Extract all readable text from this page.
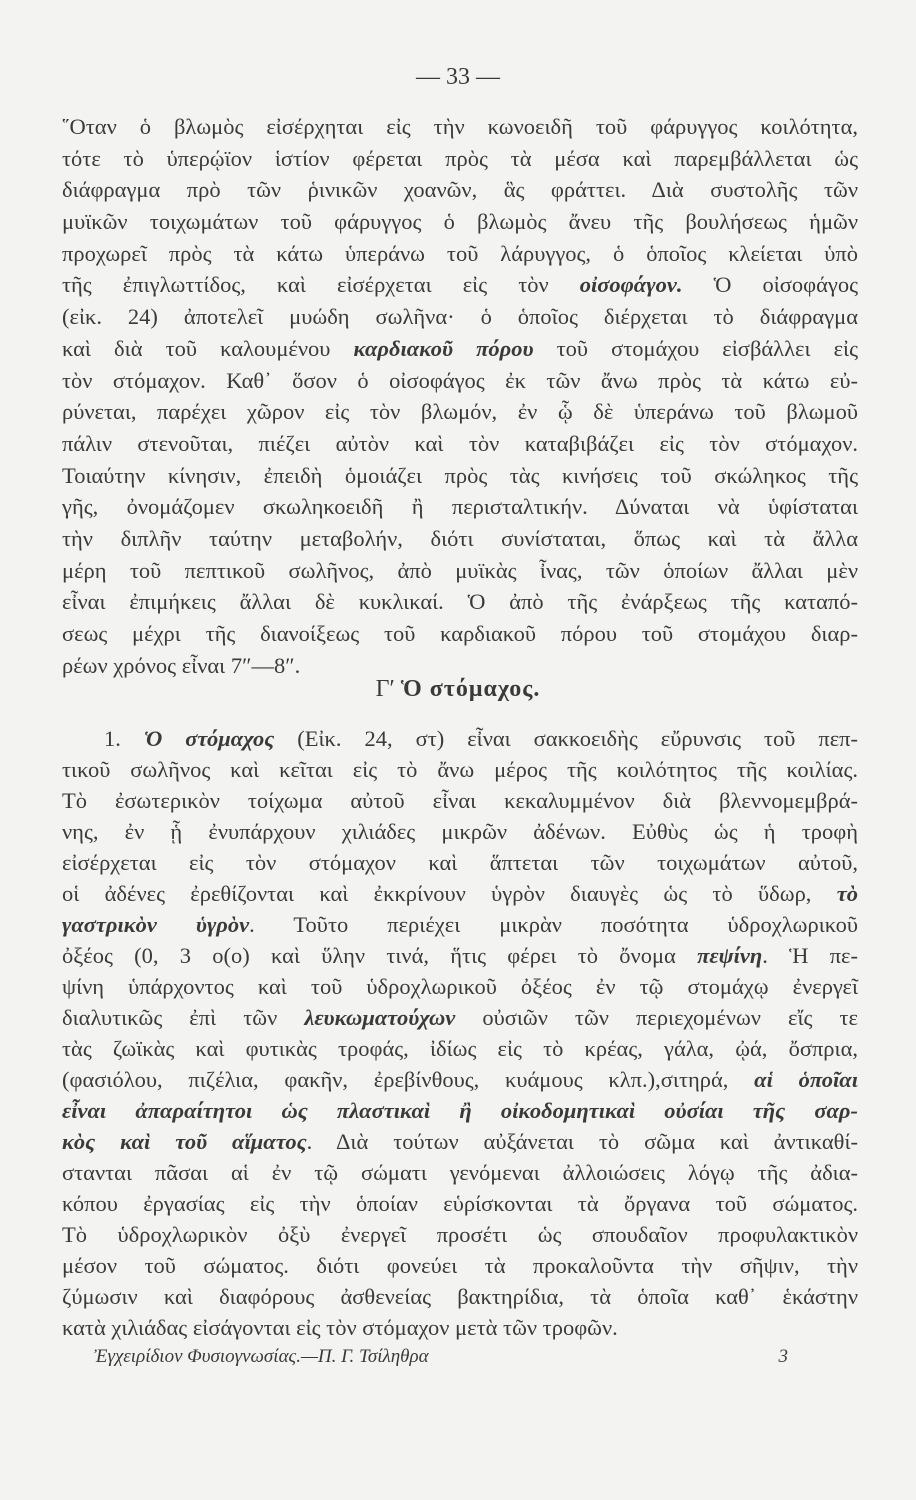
— 33 —
῞Οταν ὁ βλωμὸς εἰσέρχηται εἰς τὴν κωνοειδῆ τοῦ φάρυγγος κοιλότητα,
τότε τὸ ὑπερῴϊον ἱστίον φέρεται πρὸς τὰ μέσα καὶ παρεμβάλλεται ὡς
διάφραγμα πρὸ τῶν ῥινικῶν χοανῶν, ἃς φράττει. Διὰ συστολῆς τῶν
μυϊκῶν τοιχωμάτων τοῦ φάρυγγος ὁ βλωμὸς ἄνευ τῆς βουλήσεως ἡμῶν
προχωρεῖ πρὸς τὰ κάτω ὑπεράνω τοῦ λάρυγγος, ὁ ὁποῖος κλείεται ὑπὸ
τῆς ἐπιγλωττίδος, καὶ εἰσέρχεται εἰς τὸν οἰσοφάγον. Ὁ οἰσοφάγος
(εἰκ. 24) ἀποτελεῖ μυώδη σωλῆνα· ὁ ὁποῖος διέρχεται τὸ διάφραγμα
καὶ διὰ τοῦ καλουμένου καρδιακοῦ πόρου τοῦ στομάχου εἰσβάλλει εἰς
τὸν στόμαχον. Καθ᾽ ὅσον ὁ οἰσοφάγος ἐκ τῶν ἄνω πρὸς τὰ κάτω εὐ-
ρύνεται, παρέχει χῶρον εἰς τὸν βλωμόν, ἐν ᾧ δὲ ὑπεράνω τοῦ βλωμοῦ
πάλιν στενοῦται, πιέζει αὐτὸν καὶ τὸν καταβιβάζει εἰς τὸν στόμαχον.
Τοιαύτην κίνησιν, ἐπειδὴ ὁμοιάζει πρὸς τὰς κινήσεις τοῦ σκώληκος τῆς
γῆς, ὀνομάζομεν σκωληκοειδῆ ἢ περισταλτικήν. Δύναται νὰ ὑφίσταται
τὴν διπλῆν ταύτην μεταβολήν, διότι συνίσταται, ὅπως καὶ τὰ ἄλλα
μέρη τοῦ πεπτικοῦ σωλῆνος, ἀπὸ μυϊκὰς ἶνας, τῶν ὁποίων ἄλλαι μὲν
εἶναι ἐπιμήκεις ἄλλαι δὲ κυκλικαί. Ὁ ἀπὸ τῆς ἐνάρξεως τῆς καταπό-
σεως μέχρι τῆς διανοίξεως τοῦ καρδιακοῦ πόρου τοῦ στομάχου διαρ-
ρέων χρόνος εἶναι 7″—8″.
Γ′ Ὁ στόμαχος.
1. Ὁ στόμαχος (Εἰκ. 24, στ) εἶναι σακκοειδὴς εὔρυνσις τοῦ πεπ-
τικοῦ σωλῆνος καὶ κεῖται εἰς τὸ ἄνω μέρος τῆς κοιλότητος τῆς κοιλίας.
Τὸ ἐσωτερικὸν τοίχωμα αὐτοῦ εἶναι κεκαλυμμένον διὰ βλεννομεμβρά-
νης, ἐν ᾗ ἐνυπάρχουν χιλιάδες μικρῶν ἀδένων. Εὐθὺς ὡς ἡ τροφὴ
εἰσέρχεται εἰς τὸν στόμαχον καὶ ἅπτεται τῶν τοιχωμάτων αὐτοῦ,
οἱ ἀδένες ἐρεθίζονται καὶ ἐκκρίνουν ὑγρὸν διαυγὲς ὡς τὸ ὕδωρ, τὸ
γαστρικὸν ὑγρὸν. Τοῦτο περιέχει μικρὰν ποσότητα ὑδροχλωρικοῦ
ὀξέος (0, 3 ο(ο) καὶ ὕλην τινά, ἥτις φέρει τὸ ὄνομα πεψίνη. Ἡ πε-
ψίνη ὑπάρχοντος καὶ τοῦ ὑδροχλωρικοῦ ὀξέος ἐν τῷ στομάχῳ ἐνεργεῖ
διαλυτικῶς ἐπὶ τῶν λευκωματούχων οὐσιῶν τῶν περιεχομένων εἴς τε
τὰς ζωϊκὰς καὶ φυτικὰς τροφάς, ἰδίως εἰς τὸ κρέας, γάλα, ᾠά, ὄσπρια,
(φασιόλου, πιζέλια, φακῆν, ἐρεβίνθους, κυάμους κλπ.),σιτηρά, αἱ ὁποῖαι
εἶναι ἀπαραίτητοι ὡς πλαστικαὶ ἢ οἰκοδομητικαὶ οὐσίαι τῆς σαρ-
κὸς καὶ τοῦ αἵματος. Διὰ τούτων αὐξάνεται τὸ σῶμα καὶ ἀντικαθί-
στανται πᾶσαι αἱ ἐν τῷ σώματι γενόμεναι ἀλλοιώσεις λόγῳ τῆς ἀδια-
κόπου ἐργασίας εἰς τὴν ὁποίαν εὑρίσκονται τὰ ὄργανα τοῦ σώματος.
Τὸ ὑδροχλωρικὸν ὀξὺ ἐνεργεῖ προσέτι ὡς σπουδαῖον προφυλακτικὸν
μέσον τοῦ σώματος. διότι φονεύει τὰ προκαλοῦντα τὴν σῆψιν, τὴν
ζύμωσιν καὶ διαφόρους ἀσθενείας βακτηρίδια, τὰ ὁποῖα καθ᾽ ἑκάστην
κατὰ χιλιάδας εἰσάγονται εἰς τὸν στόμαχον μετὰ τῶν τροφῶν.
Ἐγχειρίδιον Φυσιογνωσίας.—Π. Γ. Τσίληθρα	3
